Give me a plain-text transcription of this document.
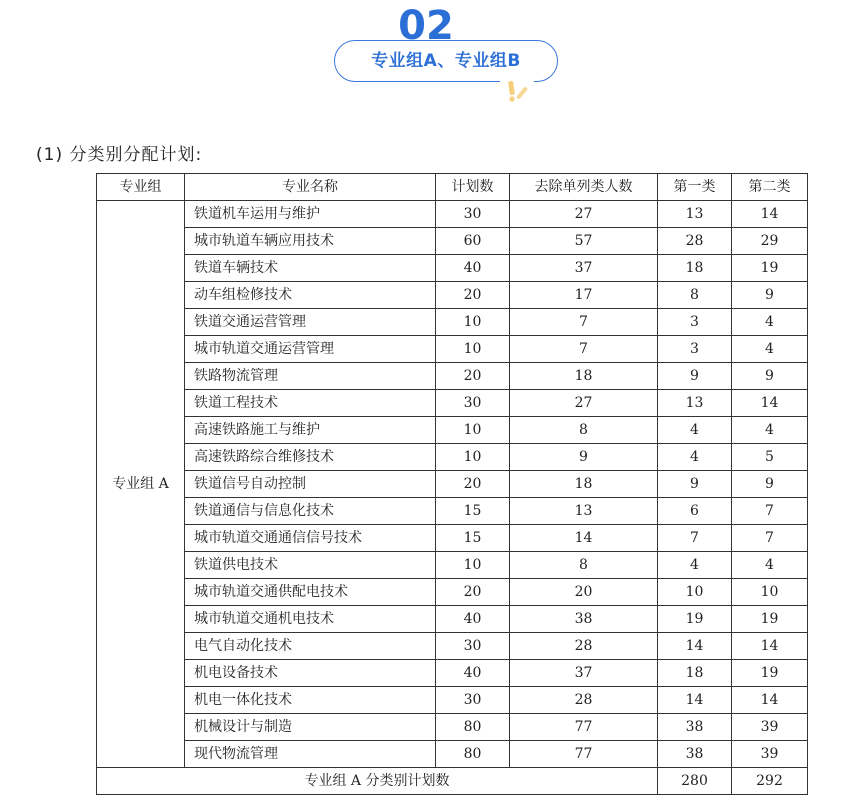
02
专业组A、专业组B
(1) 分类别分配计划:
专业组	专业名称	计划数	去除单列类人数	第一类	第二类
专业组 A	铁道机车运用与维护	30	27	13	14
	城市轨道车辆应用技术	60	57	28	29
	铁道车辆技术	40	37	18	19
	动车组检修技术	20	17	8	9
	铁道交通运营管理	10	7	3	4
	城市轨道交通运营管理	10	7	3	4
	铁路物流管理	20	18	9	9
	铁道工程技术	30	27	13	14
	高速铁路施工与维护	10	8	4	4
	高速铁路综合维修技术	10	9	4	5
	铁道信号自动控制	20	18	9	9
	铁道通信与信息化技术	15	13	6	7
	城市轨道交通通信信号技术	15	14	7	7
	铁道供电技术	10	8	4	4
	城市轨道交通供配电技术	20	20	10	10
	城市轨道交通机电技术	40	38	19	19
	电气自动化技术	30	28	14	14
	机电设备技术	40	37	18	19
	机电一体化技术	30	28	14	14
	机械设计与制造	80	77	38	39
	现代物流管理	80	77	38	39
专业组 A 分类别计划数				280	292
